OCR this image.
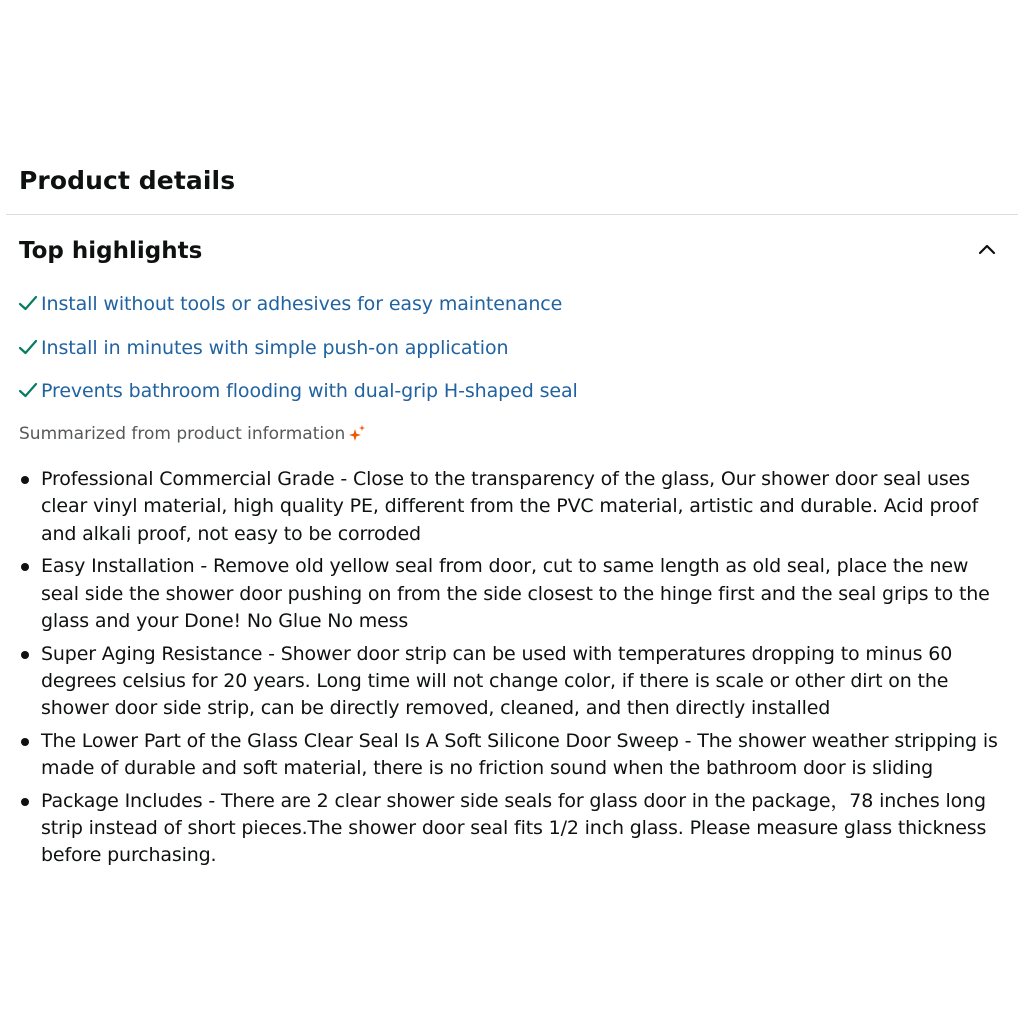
Product details
Top highlights
Install without tools or adhesives for easy maintenance
Install in minutes with simple push-on application
Prevents bathroom flooding with dual-grip H-shaped seal
Summarized from product information
Professional Commercial Grade - Close to the transparency of the glass, Our shower door seal uses clear vinyl material, high quality PE, different from the PVC material, artistic and durable. Acid proof and alkali proof, not easy to be corroded
Easy Installation - Remove old yellow seal from door, cut to same length as old seal, place the new seal side the shower door pushing on from the side closest to the hinge first and the seal grips to the glass and your Done! No Glue No mess
Super Aging Resistance - Shower door strip can be used with temperatures dropping to minus 60 degrees celsius for 20 years. Long time will not change color, if there is scale or other dirt on the shower door side strip, can be directly removed, cleaned, and then directly installed
The Lower Part of the Glass Clear Seal Is A Soft Silicone Door Sweep - The shower weather stripping is made of durable and soft material, there is no friction sound when the bathroom door is sliding
Package Includes - There are 2 clear shower side seals for glass door in the package，78 inches long strip instead of short pieces.The shower door seal fits 1/2 inch glass. Please measure glass thickness before purchasing.
